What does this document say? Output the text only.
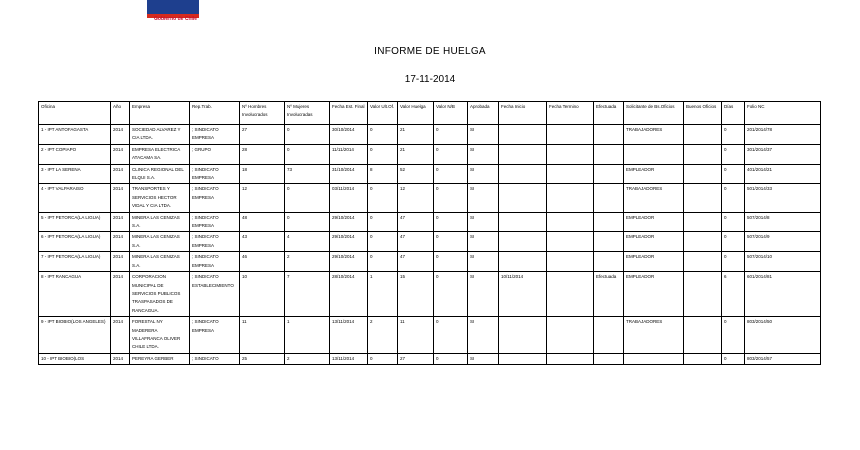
Gobierno de Chile
INFORME DE HUELGA
17-11-2014
Oficina	Año	Empresa	Rep.Trab.	Nº Hombres Involucrados	Nº Mujeres Involucradas	Fecha Est. Final	Valor Ult.Of.	Valor Huelga	Valor N/B	Aprobada	Fecha Inicio	Fecha Termino	Efectuada	Solicitante de Bs.Oficios	Buenos Oficios	Días	Folio NC
1 - IPT ANTOFAGASTA	2014	SOCIEDAD ALVAREZ Y CIA LTDA.	; SINDICATO EMPRESA	27	0	30/10/2014	0	21	0	SI				TRABAJADORES		0	201/2014/78
2 - IPT COPIAPO	2014	EMPRESA ELECTRICA ATACAMA SA.	; GRUPO	28	0	11/11/2014	0	21	0	SI						0	301/2014/37
3 - IPT LA SERENA	2014	CLINICA REGIONAL DEL ELQUI S.A.	; SINDICATO EMPRESA	18	73	31/10/2014	8	52	0	SI				EMPLEADOR		0	401/2014/21
4 - IPT VALPARAISO	2014	TRANSPORTES Y SERVICIOS HECTOR VIDAL Y CIA LTDA.	; SINDICATO EMPRESA	12	0	03/11/2014	0	12	0	SI				TRABAJADORES		0	501/2014/33
5 - IPT PETORCA(LA LIGUA)	2014	MINERA LAS CENIZAS S.A.	; SINDICATO EMPRESA	48	0	29/10/2014	0	47	0	SI				EMPLEADOR		0	507/2014/8
6 - IPT PETORCA(LA LIGUA)	2014	MINERA LAS CENIZAS S.A.	; SINDICATO EMPRESA	43	4	29/10/2014	0	47	0	SI				EMPLEADOR		0	507/2014/9
7 - IPT PETORCA(LA LIGUA)	2014	MINERA LAS CENIZAS S.A.	; SINDICATO EMPRESA	46	2	29/10/2014	0	47	0	SI				EMPLEADOR		0	507/2014/10
8 - IPT RANCAGUA	2014	CORPORACION MUNICIPAL DE SERVICIOS PUBLICOS TRASPASADOS DE RANCAGUA.	; SINDICATO ESTABLECIMIENTO	10	7	28/10/2014	1	15	0	SI	10/11/2014		Efectuada	EMPLEADOR		6	601/2014/81
9 - IPT BIOBIO(LOS ANGELES)	2014	FORESTAL NY MADERERA VILLAFRANCA OLIVER CHILE LTDA.	; SINDICATO EMPRESA	11	1	13/11/2014	2	11	0	SI				TRABAJADORES		0	803/2014/50
10 - IPT BIOBIO(LOS	2014	PEREYRA GERBER	; SINDICATO	25	2	13/11/2014	0	27	0	SI						0	803/2014/57
